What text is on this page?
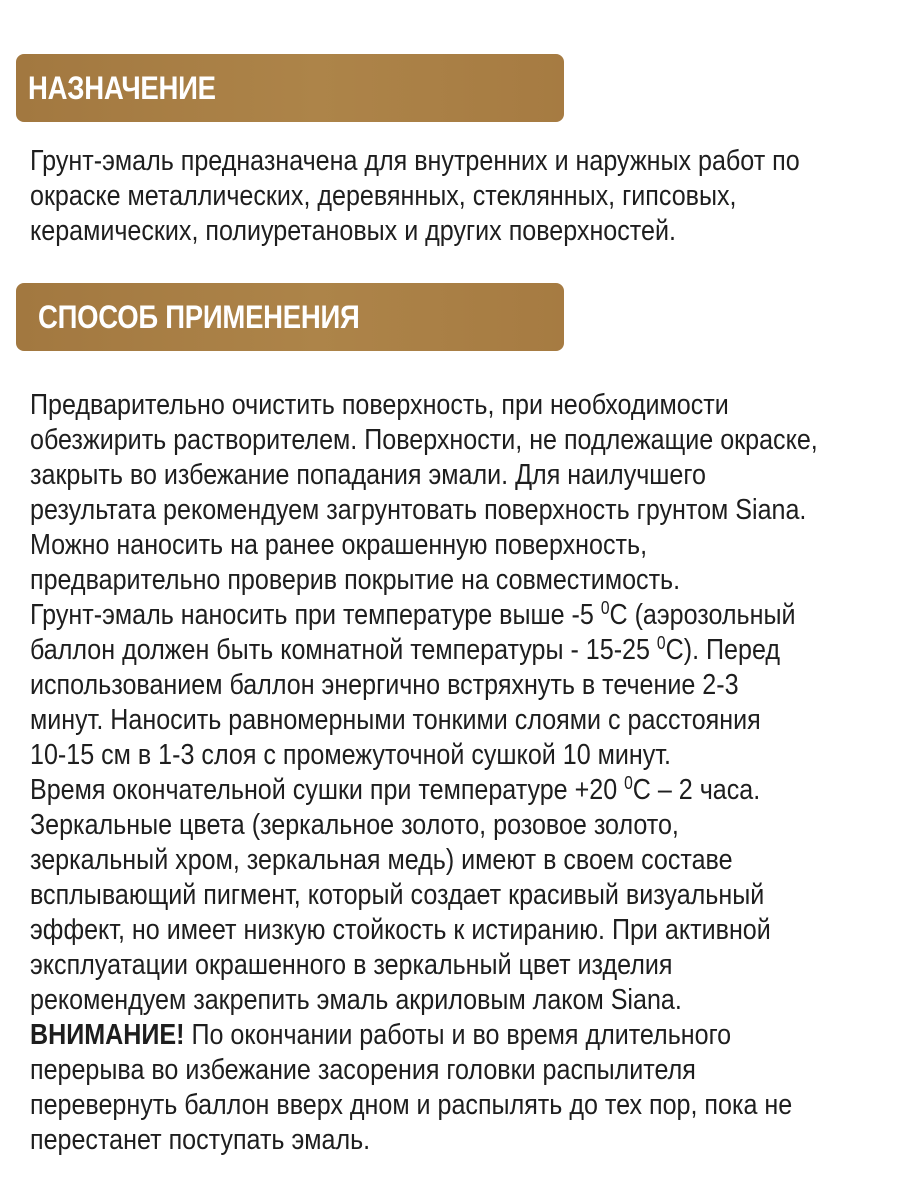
НАЗНАЧЕНИЕ
Грунт-эмаль предназначена для внутренних и наружных работ по
окраске металлических, деревянных, стеклянных, гипсовых,
керамических, полиуретановых и других поверхностей.
СПОСОБ ПРИМЕНЕНИЯ
Предварительно очистить поверхность, при необходимости
обезжирить растворителем. Поверхности, не подлежащие окраске,
закрыть во избежание попадания эмали. Для наилучшего
результата рекомендуем загрунтовать поверхность грунтом Siana.
Можно наносить на ранее окрашенную поверхность,
предварительно проверив покрытие на совместимость.
Грунт-эмаль наносить при температуре выше -5 $^0$C (аэрозольный
баллон должен быть комнатной температуры - 15-25 $^0$C). Перед
использованием баллон энергично встряхнуть в течение 2-3
минут. Наносить равномерными тонкими слоями с расстояния
10-15 см в 1-3 слоя с промежуточной сушкой 10 минут.
Время окончательной сушки при температуре +20 $^0$C – 2 часа.
Зеркальные цвета (зеркальное золото, розовое золото,
зеркальный хром, зеркальная медь) имеют в своем составе
всплывающий пигмент, который создает красивый визуальный
эффект, но имеет низкую стойкость к истиранию. При активной
эксплуатации окрашенного в зеркальный цвет изделия
рекомендуем закрепить эмаль акриловым лаком Siana.
ВНИМАНИЕ! По окончании работы и во время длительного
перерыва во избежание засорения головки распылителя
перевернуть баллон вверх дном и распылять до тех пор, пока не
перестанет поступать эмаль.
